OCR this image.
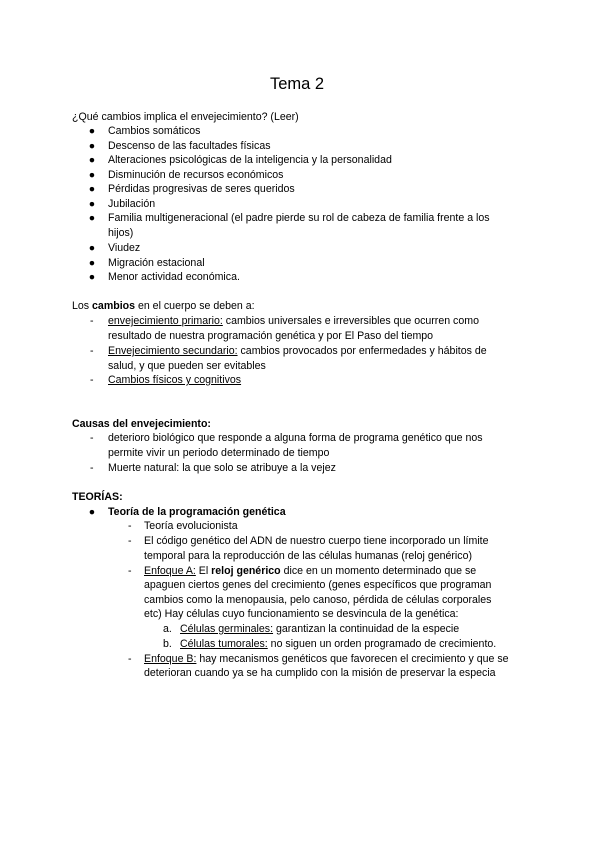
Tema 2
¿Qué cambios implica el envejecimiento? (Leer)
● Cambios somáticos
● Descenso de las facultades físicas
● Alteraciones psicológicas de la inteligencia y la personalidad
● Disminución de recursos económicos
● Pérdidas progresivas de seres queridos
● Jubilación
● Familia multigeneracional (el padre pierde su rol de cabeza de familia frente a los
hijos)
● Viudez
● Migración estacional
● Menor actividad económica.
Los cambios en el cuerpo se deben a:
- envejecimiento primario: cambios universales e irreversibles que ocurren como
resultado de nuestra programación genética y por El Paso del tiempo
- Envejecimiento secundario: cambios provocados por enfermedades y hábitos de
salud, y que pueden ser evitables
- Cambios físicos y cognitivos
Causas del envejecimiento:
- deterioro biológico que responde a alguna forma de programa genético que nos
permite vivir un periodo determinado de tiempo
- Muerte natural: la que solo se atribuye a la vejez
TEORÍAS:
● Teoría de la programación genética
- Teoría evolucionista
- El código genético del ADN de nuestro cuerpo tiene incorporado un límite
temporal para la reproducción de las células humanas (reloj genérico)
- Enfoque A: El reloj genérico dice en un momento determinado que se
apaguen ciertos genes del crecimiento (genes específicos que programan
cambios como la menopausia, pelo canoso, pérdida de células corporales
etc) Hay células cuyo funcionamiento se desvincula de la genética:
a. Células germinales: garantizan la continuidad de la especie
b. Células tumorales: no siguen un orden programado de crecimiento.
- Enfoque B: hay mecanismos genéticos que favorecen el crecimiento y que se
deterioran cuando ya se ha cumplido con la misión de preservar la especia
